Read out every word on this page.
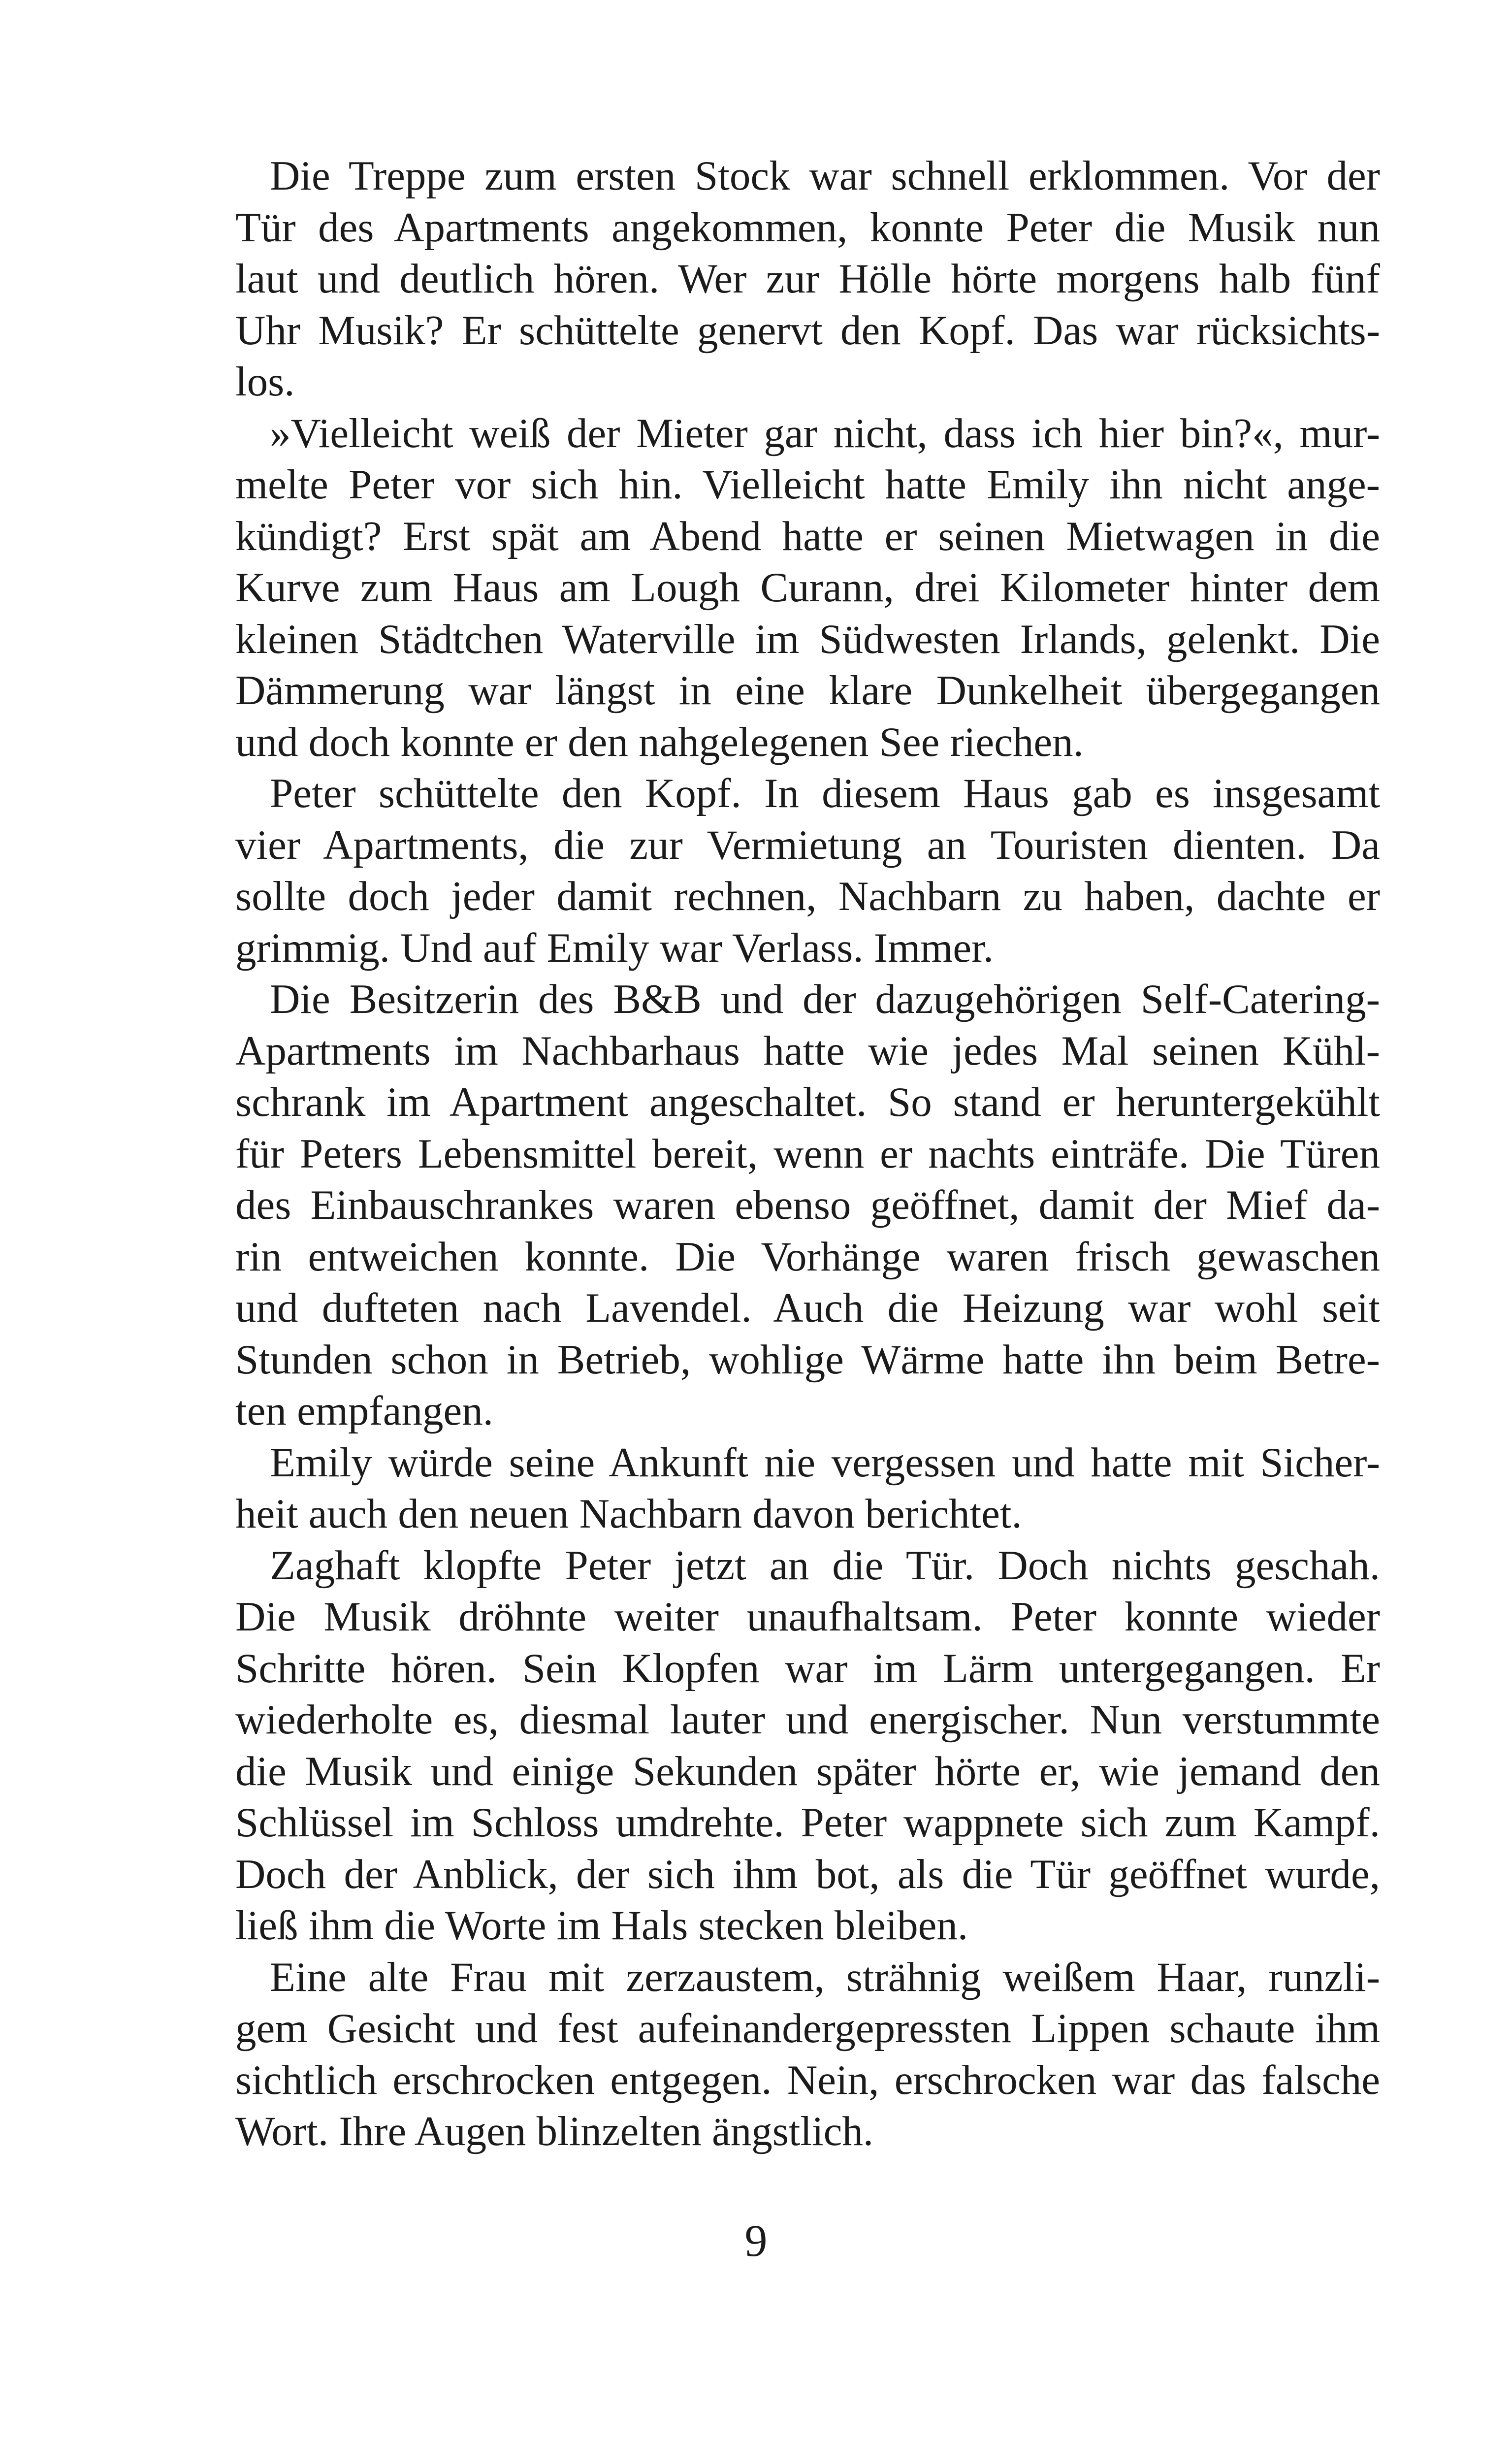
Die Treppe zum ersten Stock war schnell erklommen. Vor der
Tür des Apartments angekommen, konnte Peter die Musik nun
laut und deutlich hören. Wer zur Hölle hörte morgens halb fünf
Uhr Musik? Er schüttelte genervt den Kopf. Das war rücksichts-
los.

»Vielleicht weiß der Mieter gar nicht, dass ich hier bin?«, mur-
melte Peter vor sich hin. Vielleicht hatte Emily ihn nicht ange-
kündigt? Erst spät am Abend hatte er seinen Mietwagen in die
Kurve zum Haus am Lough Curann, drei Kilometer hinter dem
kleinen Städtchen Waterville im Südwesten Irlands, gelenkt. Die
Dämmerung war längst in eine klare Dunkelheit übergegangen
und doch konnte er den nahgelegenen See riechen.

Peter schüttelte den Kopf. In diesem Haus gab es insgesamt
vier Apartments, die zur Vermietung an Touristen dienten. Da
sollte doch jeder damit rechnen, Nachbarn zu haben, dachte er
grimmig. Und auf Emily war Verlass. Immer.

Die Besitzerin des B&B und der dazugehörigen Self-Catering-
Apartments im Nachbarhaus hatte wie jedes Mal seinen Kühl-
schrank im Apartment angeschaltet. So stand er heruntergekühlt
für Peters Lebensmittel bereit, wenn er nachts einträfe. Die Türen
des Einbauschrankes waren ebenso geöffnet, damit der Mief da-
rin entweichen konnte. Die Vorhänge waren frisch gewaschen
und dufteten nach Lavendel. Auch die Heizung war wohl seit
Stunden schon in Betrieb, wohlige Wärme hatte ihn beim Betre-
ten empfangen.

Emily würde seine Ankunft nie vergessen und hatte mit Sicher-
heit auch den neuen Nachbarn davon berichtet.

Zaghaft klopfte Peter jetzt an die Tür. Doch nichts geschah.
Die Musik dröhnte weiter unaufhaltsam. Peter konnte wieder
Schritte hören. Sein Klopfen war im Lärm untergegangen. Er
wiederholte es, diesmal lauter und energischer. Nun verstummte
die Musik und einige Sekunden später hörte er, wie jemand den
Schlüssel im Schloss umdrehte. Peter wappnete sich zum Kampf.
Doch der Anblick, der sich ihm bot, als die Tür geöffnet wurde,
ließ ihm die Worte im Hals stecken bleiben.

Eine alte Frau mit zerzaustem, strähnig weißem Haar, runzli-
gem Gesicht und fest aufeinandergepressten Lippen schaute ihm
sichtlich erschrocken entgegen. Nein, erschrocken war das falsche
Wort. Ihre Augen blinzelten ängstlich.

9
